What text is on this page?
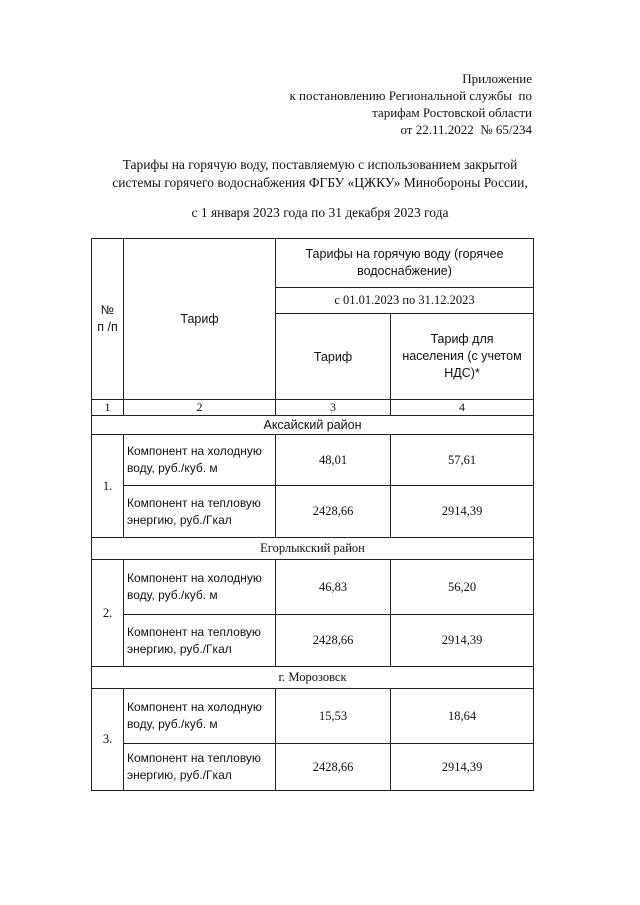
Приложение
к постановлению Региональной службы  по
тарифам Ростовской области
от 22.11.2022  № 65/234
Тарифы на горячую воду, поставляемую с использованием закрытой
системы горячего водоснабжения ФГБУ «ЦЖКУ» Минобороны России,
с 1 января 2023 года по 31 декабря 2023 года
№
п /п	Тариф	Тарифы на горячую воду (горячее водоснабжение)	
		с 01.01.2023 по 31.12.2023	
		Тариф	Тариф для населения (с учетом НДС)*
1	2	3	4
Аксайский район			
1.	Компонент на холодную воду, руб./куб. м	48,01	57,61
	Компонент на тепловую энергию, руб./Гкал	2428,66	2914,39
Егорлыкский район			
2.	Компонент на холодную воду, руб./куб. м	46,83	56,20
	Компонент на тепловую энергию, руб./Гкал	2428,66	2914,39
г. Морозовск			
3.	Компонент на холодную воду, руб./куб. м	15,53	18,64
	Компонент на тепловую энергию, руб./Гкал	2428,66	2914,39
